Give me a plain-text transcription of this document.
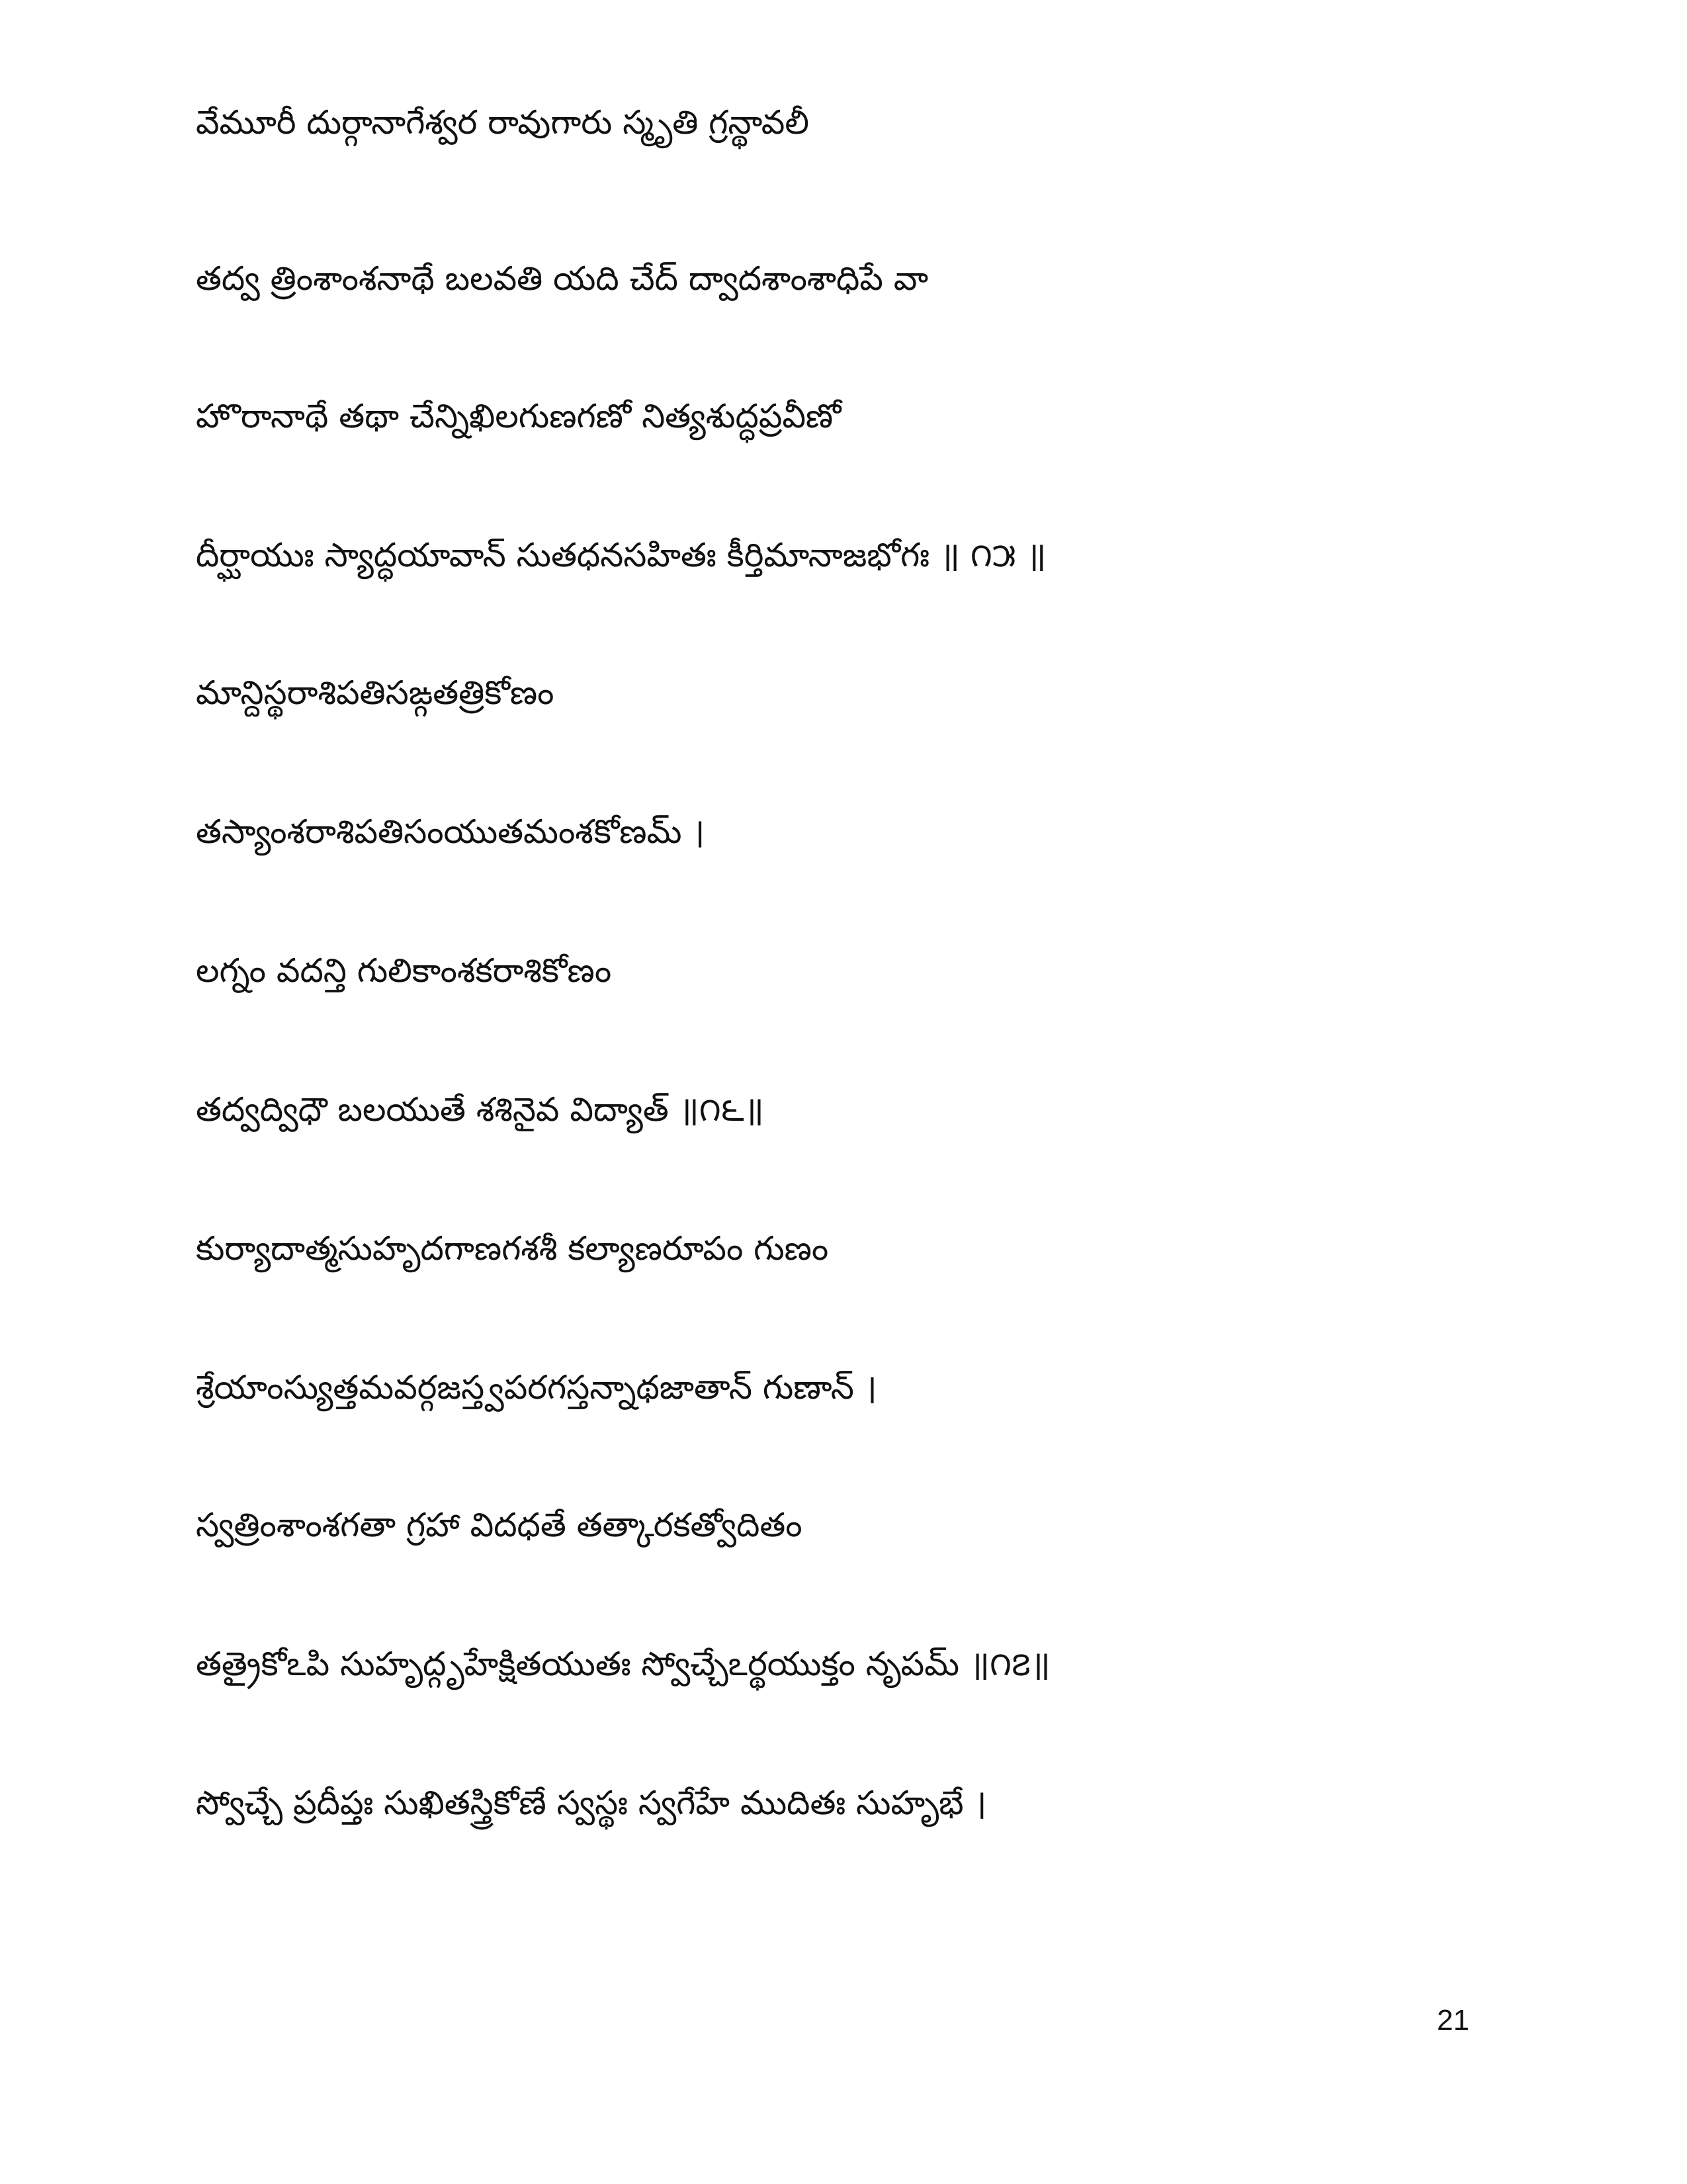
వేమూరీ దుర్గానాగేశ్వర రావుగారు స్మృతి గ్రన్థావలీ
తద్వ త్రింశాంశనాథే బలవతి యది చేద్ ద్వాదశాంశాధిపే వా
హొరానాథే తథా చేన్నిఖిలగుణగణో నిత్యశుద్ధప్రవీణో
దీర్ఘాయుః స్యాద్ధయావాన్ సుతధనసహితః కీర్తిమానాజభోగః ॥ ౧౫ ॥
మాన్దిస్థరాశిపతిసఙ్గతత్రికోణం
తస్యాంశరాశిపతిసంయుతమంశకోణమ్ ।
లగ్నం వదన్తి గులికాంశకరాశికోణం
తద్వద్విధౌ బలయుతే శశినైవ విద్యాత్ ॥౧౬॥
కుర్యాదాత్మసుహృదగాణగశశీ కల్యాణరూపం గుణం
శ్రేయాంస్యుత్తమవర్గజస్త్వపరగస్తన్నాథజాతాన్ గుణాన్ ।
స్వత్రింశాంశగతా గ్రహా విదధతే తత్కారకత్వోదితం
తత్రైకోఽపి సుహృద్గృహేక్షితయుతః స్వోచ్చేఽర్థయుక్తం నృపమ్ ॥౧౭॥
స్వోచ్చే ప్రదీప్తః సుఖితస్త్రికోణే స్వస్థః స్వగేహే ముదితః సుహృభే ।
21
